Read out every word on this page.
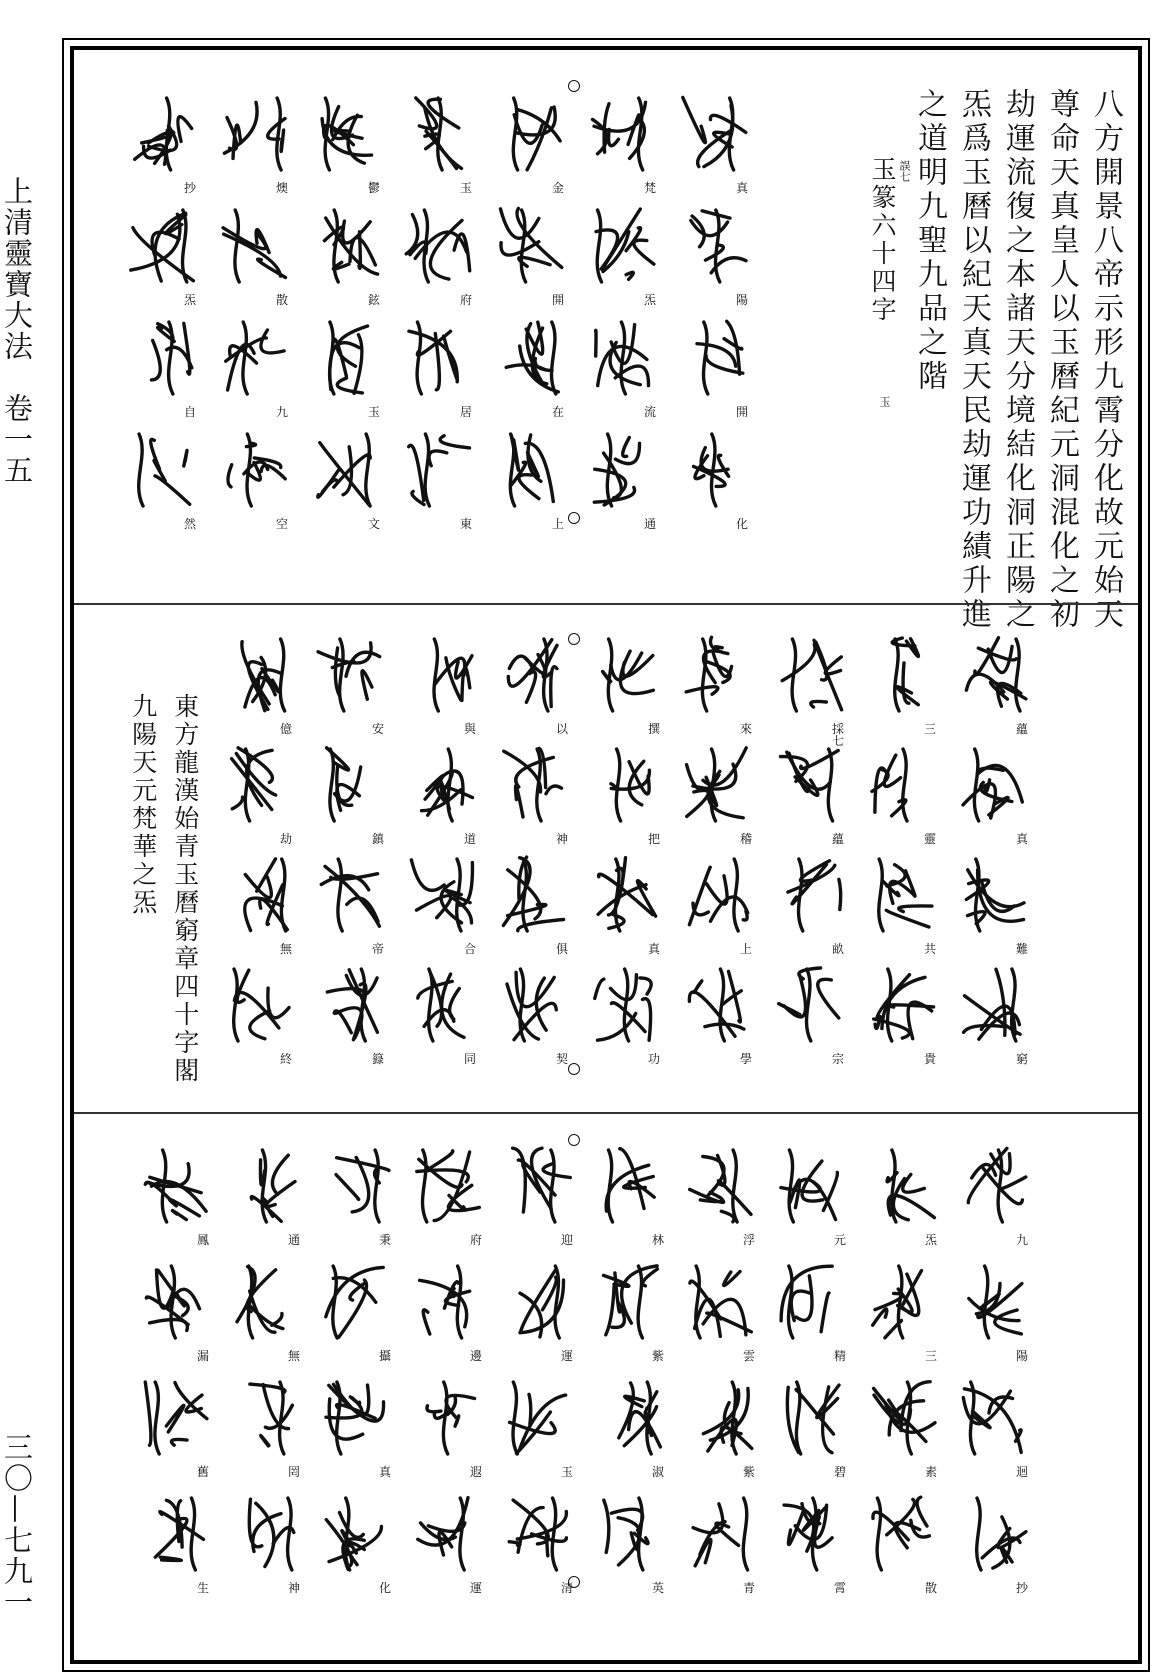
上清靈寶大法　卷一五
三〇—七九一
八方開景八帝示形九霄分化故元始天
尊命天真皇人以玉曆紀元洞混化之初
劫運流復之本諸天分境結化洞正陽之
炁爲玉曆以紀天真天民劫運功績升進
之道明九聖九品之階
玉篆六十四字 誤七
玉
真
陽
開
化
梵
炁
流
通
金
開
在
上
玉
府
居
東
鬱
鉉
玉
文
燠
散
九
空
抄
炁
自
然
蘊
真
難
窮
三
靈
共
貴
採七
蘊
畝
宗
來
稽
上
學
撰
把
真
功
以
神
俱
契
與
道
合
同
安
鎮
帝
籙
億
劫
無
終
東方龍漢始青玉曆窮章四十字閣
九陽天元梵華之炁
九
陽
迴
抄
炁
三
素
散
元
精
碧
霄
浮
雲
紫
青
林
紫
淑
英
迎
運
玉
清
府
邊
遐
運
秉
攝
真
化
通
無
罔
神
鳳
漏
舊
生
